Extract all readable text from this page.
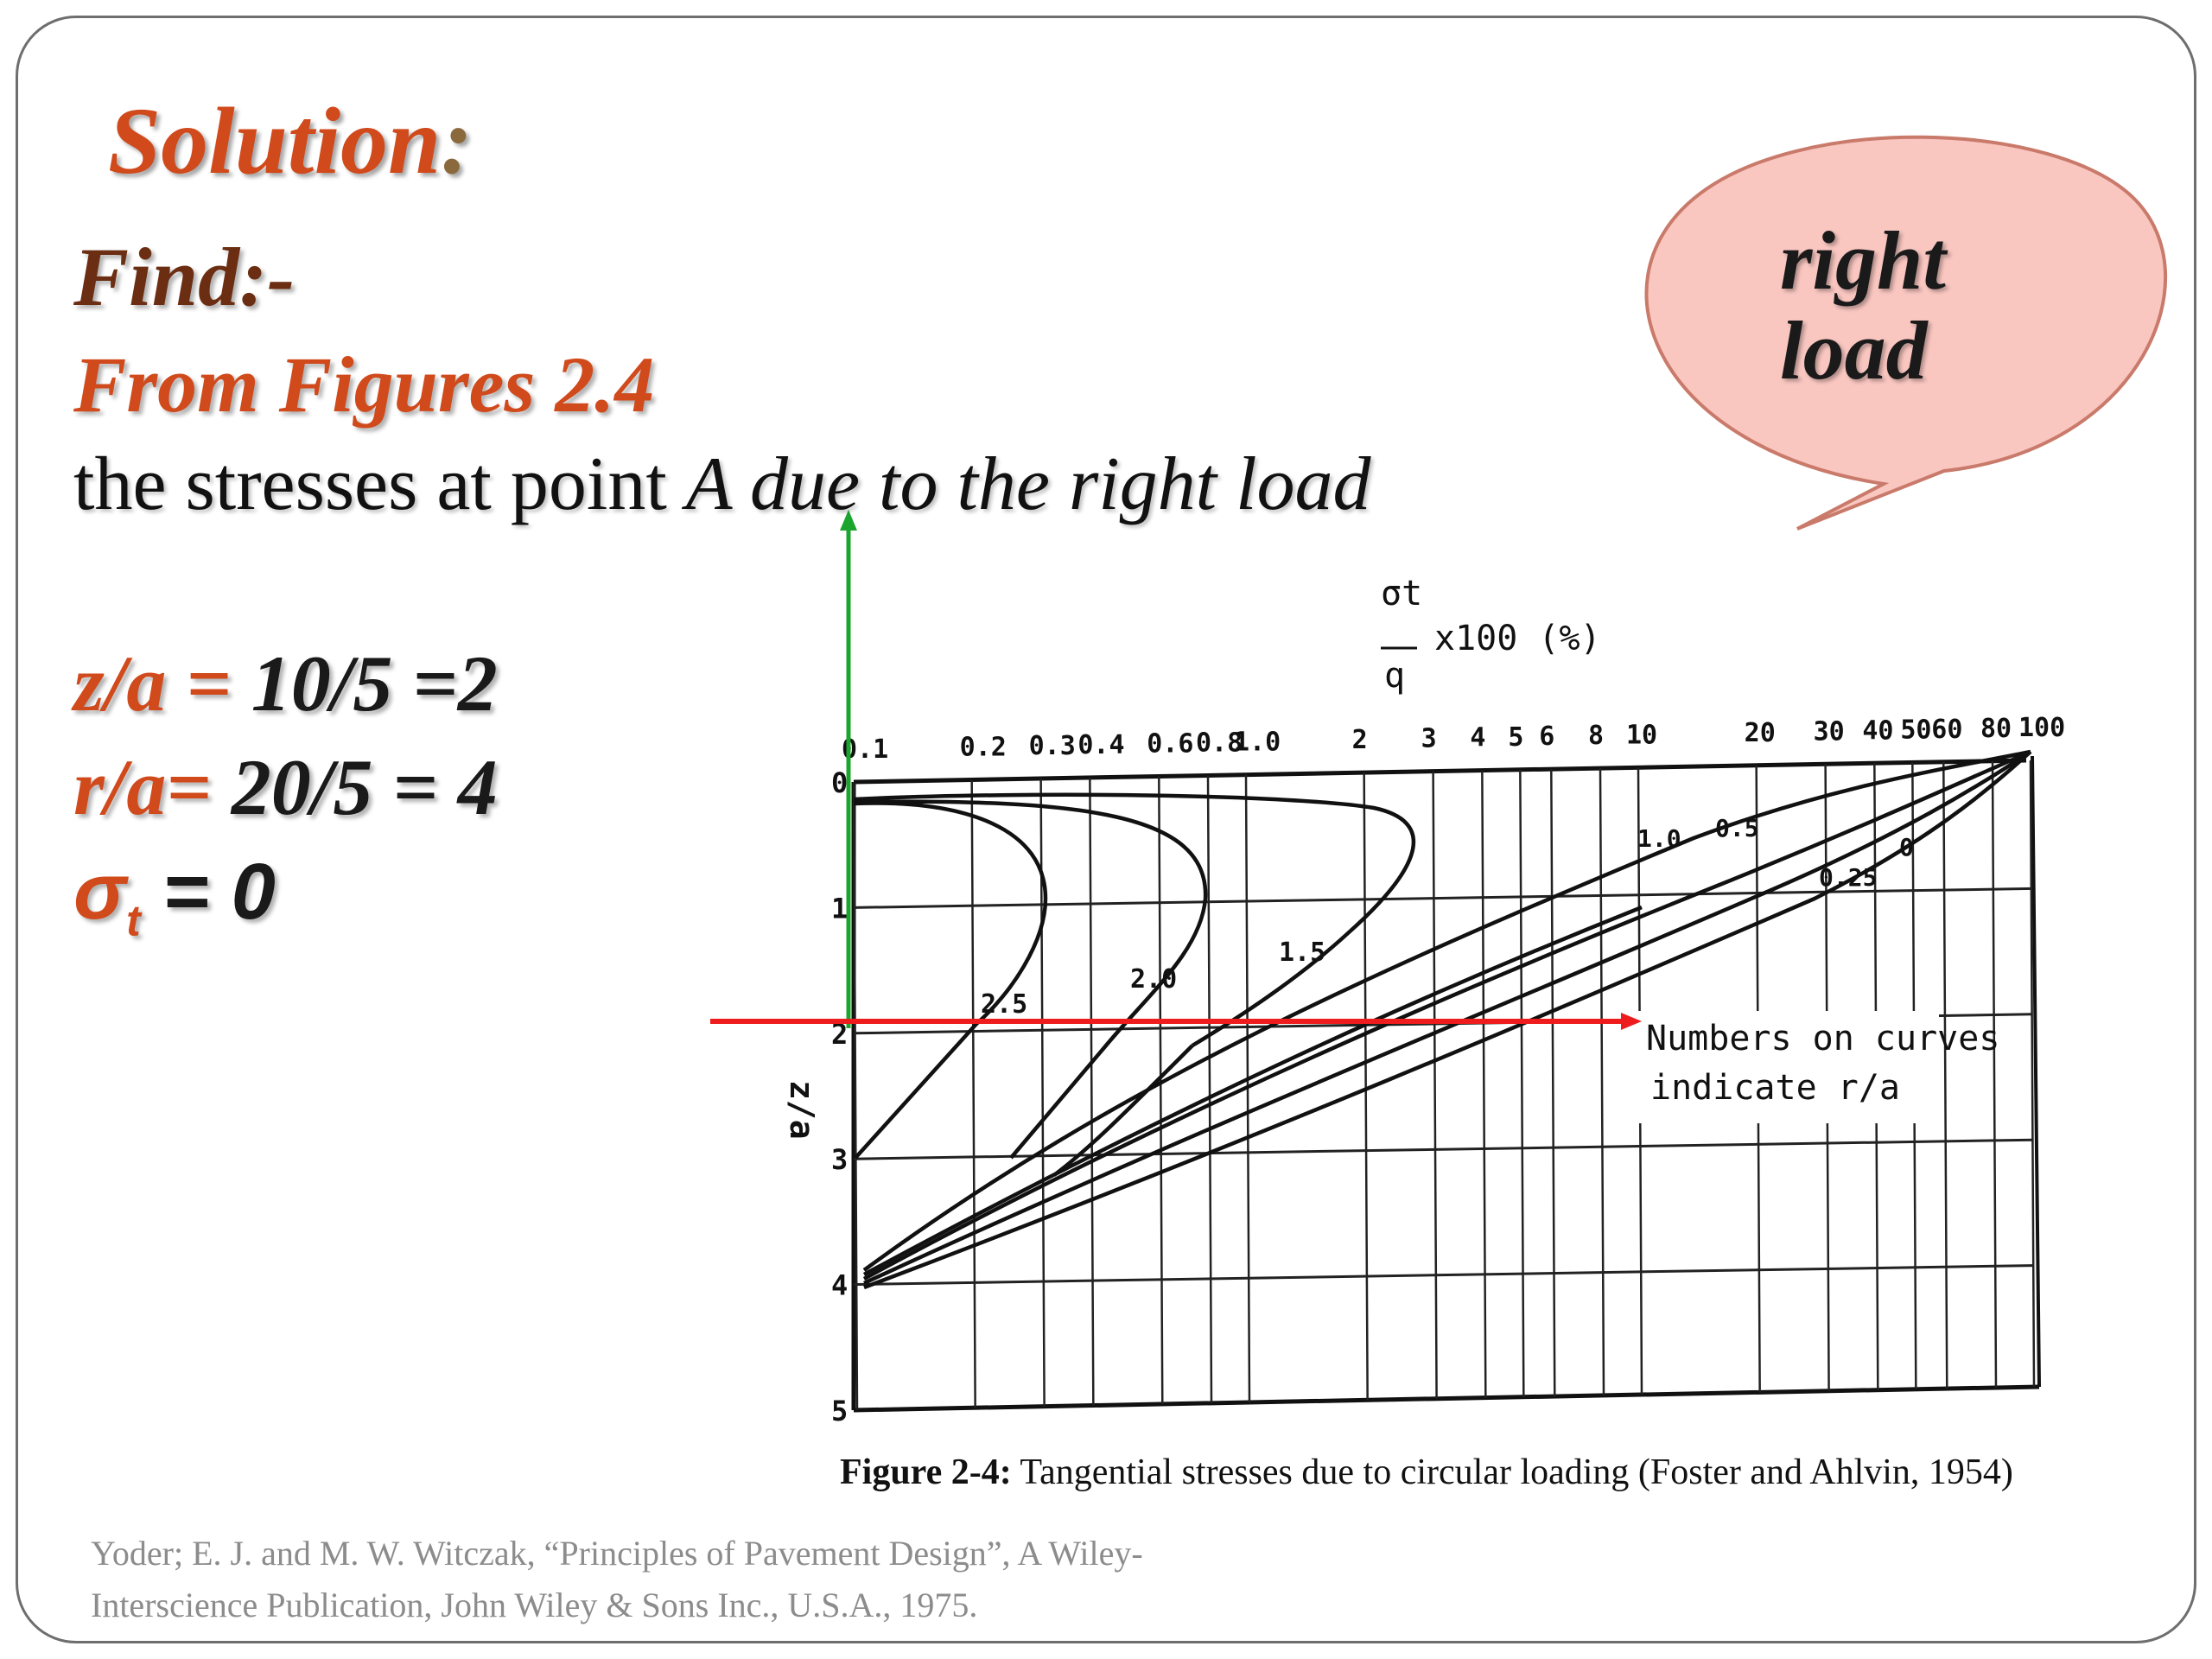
0.1	0.2 0.3 0.4 0.6 0.8
1.0	2 3 4 5 6 8 10	20 30 40 50 60 80 100
0
1
2
3
4
5
2.5
2.0
1.5
1.0 0.5
0.25
0
σt
q
x100 (%)
z/a
Numbers on curves
indicate r/a
Solution:
Find:-
From Figures 2.4
the stresses at point A due to the right load
z/a = 10/5 =2
r/a= 20/5 = 4
$\sigma_t = 0$
right
load
Figure 2-4: Tangential stresses due to circular loading (Foster and Ahlvin, 1954)
Yoder; E. J. and M. W. Witczak, “Principles of Pavement Design”, A Wiley-Interscience Publication, John Wiley & Sons Inc., U.S.A., 1975.
